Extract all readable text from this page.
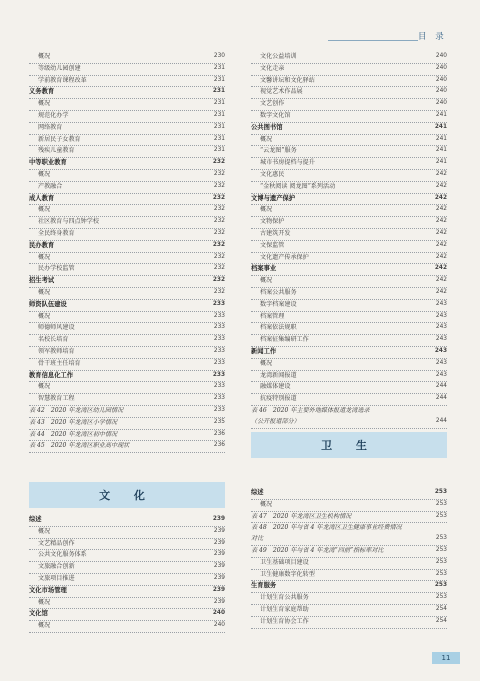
目 录
概况	230
等级幼儿园创建	231
学前教育课程改革	231
义务教育	231
概况	231
规范化办学	231
网络教育	231
新居民子女教育	231
残疾儿童教育	231
中等职业教育	232
概况	232
产教融合	232
成人教育	232
概况	232
社区教育与四点钟学校	232
全民终身教育	232
民办教育	232
概况	232
民办学校监管	232
招生考试	232
概况	232
师资队伍建设	233
概况	233
师德师风建设	233
名校长培育	233
领军教师培育	233
骨干班主任培育	233
教育信息化工作	233
概况	233
智慧教育工程	233
表 42　2020 年龙湾区幼儿园情况	233
表 43　2020 年龙湾区小学情况	235
表 44　2020 年龙湾区初中情况	236
表 45　2020 年龙湾区职业高中现状	236
文 化
综述	239
概况	239
文艺精品创作	239
公共文化服务体系	239
文旅融合创新	239
文旅项目推进	239
文化市场管理	239
概况	239
文化馆	240
概况	240
文化公益培训	240
文化走亲	240
文馨讲坛和文化驿站	240
视觉艺术作品展	240
文艺创作	240
数字文化馆	241
公共图书馆	241
概况	241
“云龙图”服务	241
城市书房提档与提升	241
文化惠民	242
“金秋阅读 阅龙图”系列活动	242
文博与遗产保护	242
概况	242
文物保护	242
古建筑开发	242
文保监管	242
文化遗产传承保护	242
档案事业	242
概况	242
档案公共服务	242
数字档案建设	243
档案管理	243
档案依法规职	243
档案征集编研工作	243
新闻工作	243
概况	243
龙湾新闻报道	243
融媒体建设	244
抗疫特别报道	244
表 46　2020 年主要外地媒体报道龙湾选录
（公开报道部分）	244
卫 生
综述	253
概况	253
表 47　2020 年龙湾区卫生机构情况	253
表 48　2020 年与省 4 年龙湾区卫生健康事业经费情况
对比	253
表 49　2020 年与省 4 年龙湾“四前”指标率对比	253
卫生基础项目建设	253
卫生健康数字化转型	253
生育服务	253
计划生育公共服务	253
计划生育家庭帮助	254
计划生育协会工作	254
11
